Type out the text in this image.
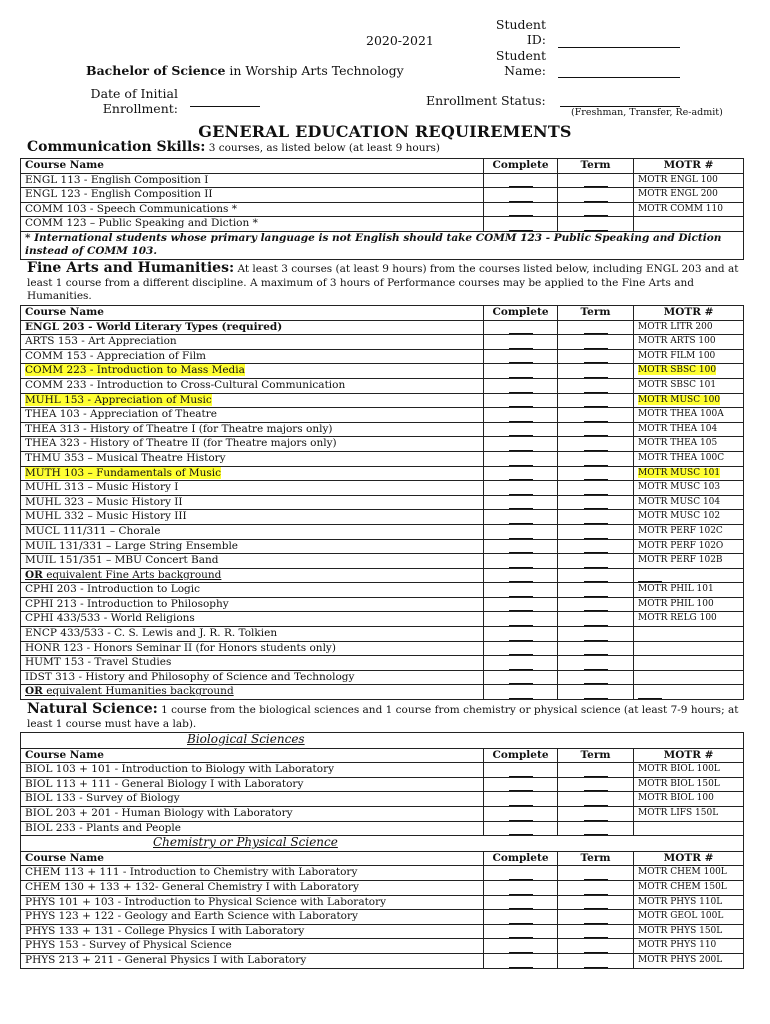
2020-2021
Student
ID:
Student
Name:
Bachelor of Science in Worship Arts Technology
Date of Initial
Enrollment:
Enrollment Status:
(Freshman, Transfer, Re-admit)
GENERAL EDUCATION REQUIREMENTS
Communication Skills: 3 courses, as listed below (at least 9 hours)
Course Name	Complete	Term	MOTR #
ENGL 113 - English Composition I			MOTR ENGL 100
ENGL 123 - English Composition II			MOTR ENGL 200
COMM 103 - Speech Communications *			MOTR COMM 110
COMM 123 – Public Speaking and Diction *			
* International students whose primary language is not English should take COMM 123 - Public Speaking and Diction instead of COMM 103.			
Fine Arts and Humanities: At least 3 courses (at least 9 hours) from the courses listed below, including ENGL 203 and at least 1 course from a different discipline. A maximum of 3 hours of Performance courses may be applied to the Fine Arts and Humanities.
Course Name	Complete	Term	MOTR #
ENGL 203 - World Literary Types (required)			MOTR LITR 200
ARTS 153 - Art Appreciation			MOTR ARTS 100
COMM 153 - Appreciation of Film			MOTR FILM 100
COMM 223 - Introduction to Mass Media			MOTR SBSC 100
COMM 233 - Introduction to Cross-Cultural Communication			MOTR SBSC 101
MUHL 153 - Appreciation of Music			MOTR MUSC 100
THEA 103 - Appreciation of Theatre			MOTR THEA 100A
THEA 313 - History of Theatre I (for Theatre majors only)			MOTR THEA 104
THEA 323 - History of Theatre II (for Theatre majors only)			MOTR THEA 105
THMU 353 – Musical Theatre History			MOTR THEA 100C
MUTH 103 – Fundamentals of Music			MOTR MUSC 101
MUHL 313 – Music History I			MOTR MUSC 103
MUHL 323 – Music History II			MOTR MUSC 104
MUHL 332 – Music History III			MOTR MUSC 102
MUCL 111/311 – Chorale			MOTR PERF 102C
MUIL 131/331 – Large String Ensemble			MOTR PERF 102O
MUIL 151/351 – MBU Concert Band			MOTR PERF 102B
OR equivalent Fine Arts background			
CPHI 203 - Introduction to Logic			MOTR PHIL 101
CPHI 213 - Introduction to Philosophy			MOTR PHIL 100
CPHI 433/533 - World Religions			MOTR RELG 100
ENCP 433/533 - C. S. Lewis and J. R. R. Tolkien			
HONR 123 - Honors Seminar II (for Honors students only)			
HUMT 153 - Travel Studies			
IDST 313 - History and Philosophy of Science and Technology			
OR equivalent Humanities background			
Natural Science: 1 course from the biological sciences and 1 course from chemistry or physical science (at least 7-9 hours; at least 1 course must have a lab).
Biological Sciences			
Course Name	Complete	Term	MOTR #
BIOL 103 + 101 - Introduction to Biology with Laboratory			MOTR BIOL 100L
BIOL 113 + 111 - General Biology I with Laboratory			MOTR BIOL 150L
BIOL 133 - Survey of Biology			MOTR BIOL 100
BIOL 203 + 201 - Human Biology with Laboratory			MOTR LIFS 150L
BIOL 233 - Plants and People			
Chemistry or Physical Science			
Course Name	Complete	Term	MOTR #
CHEM 113 + 111 - Introduction to Chemistry with Laboratory			MOTR CHEM 100L
CHEM 130 + 133 + 132- General Chemistry I with Laboratory			MOTR CHEM 150L
PHYS 101 + 103 - Introduction to Physical Science with Laboratory			MOTR PHYS 110L
PHYS 123 + 122 - Geology and Earth Science with Laboratory			MOTR GEOL 100L
PHYS 133 + 131 - College Physics I with Laboratory			MOTR PHYS 150L
PHYS 153 - Survey of Physical Science			MOTR PHYS 110
PHYS 213 + 211 - General Physics I with Laboratory			MOTR PHYS 200L
